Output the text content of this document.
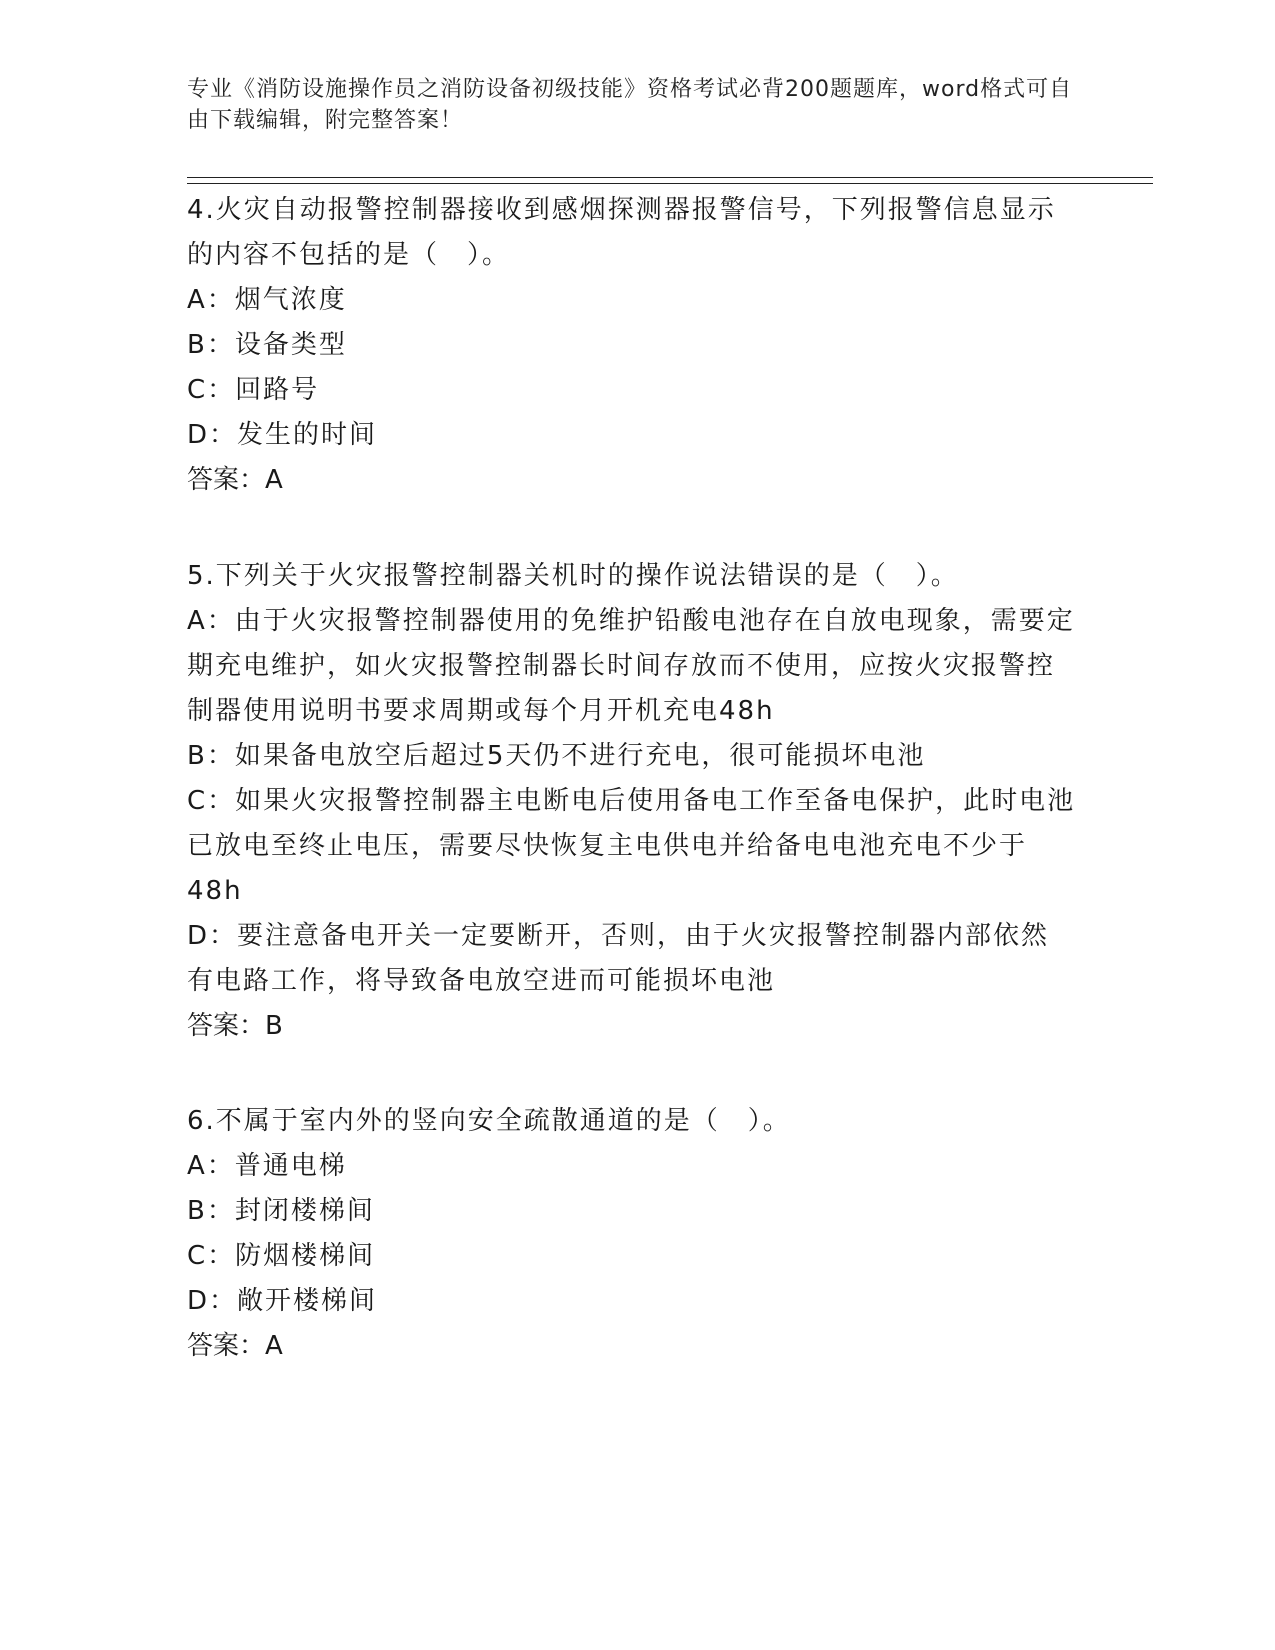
专业《消防设施操作员之消防设备初级技能》资格考试必背200题题库，word格式可自由下载编辑，附完整答案！

4.火灾自动报警控制器接收到感烟探测器报警信号，下列报警信息显示的内容不包括的是（　）。

A：烟气浓度

B：设备类型

C：回路号

D：发生的时间

答案：A

5.下列关于火灾报警控制器关机时的操作说法错误的是（　）。

A：由于火灾报警控制器使用的免维护铅酸电池存在自放电现象，需要定期充电维护，如火灾报警控制器长时间存放而不使用，应按火灾报警控制器使用说明书要求周期或每个月开机充电48h

B：如果备电放空后超过5天仍不进行充电，很可能损坏电池

C：如果火灾报警控制器主电断电后使用备电工作至备电保护，此时电池已放电至终止电压，需要尽快恢复主电供电并给备电电池充电不少于48h

D：要注意备电开关一定要断开，否则，由于火灾报警控制器内部依然有电路工作，将导致备电放空进而可能损坏电池

答案：B

6.不属于室内外的竖向安全疏散通道的是（　）。

A：普通电梯

B：封闭楼梯间

C：防烟楼梯间

D：敞开楼梯间

答案：A
